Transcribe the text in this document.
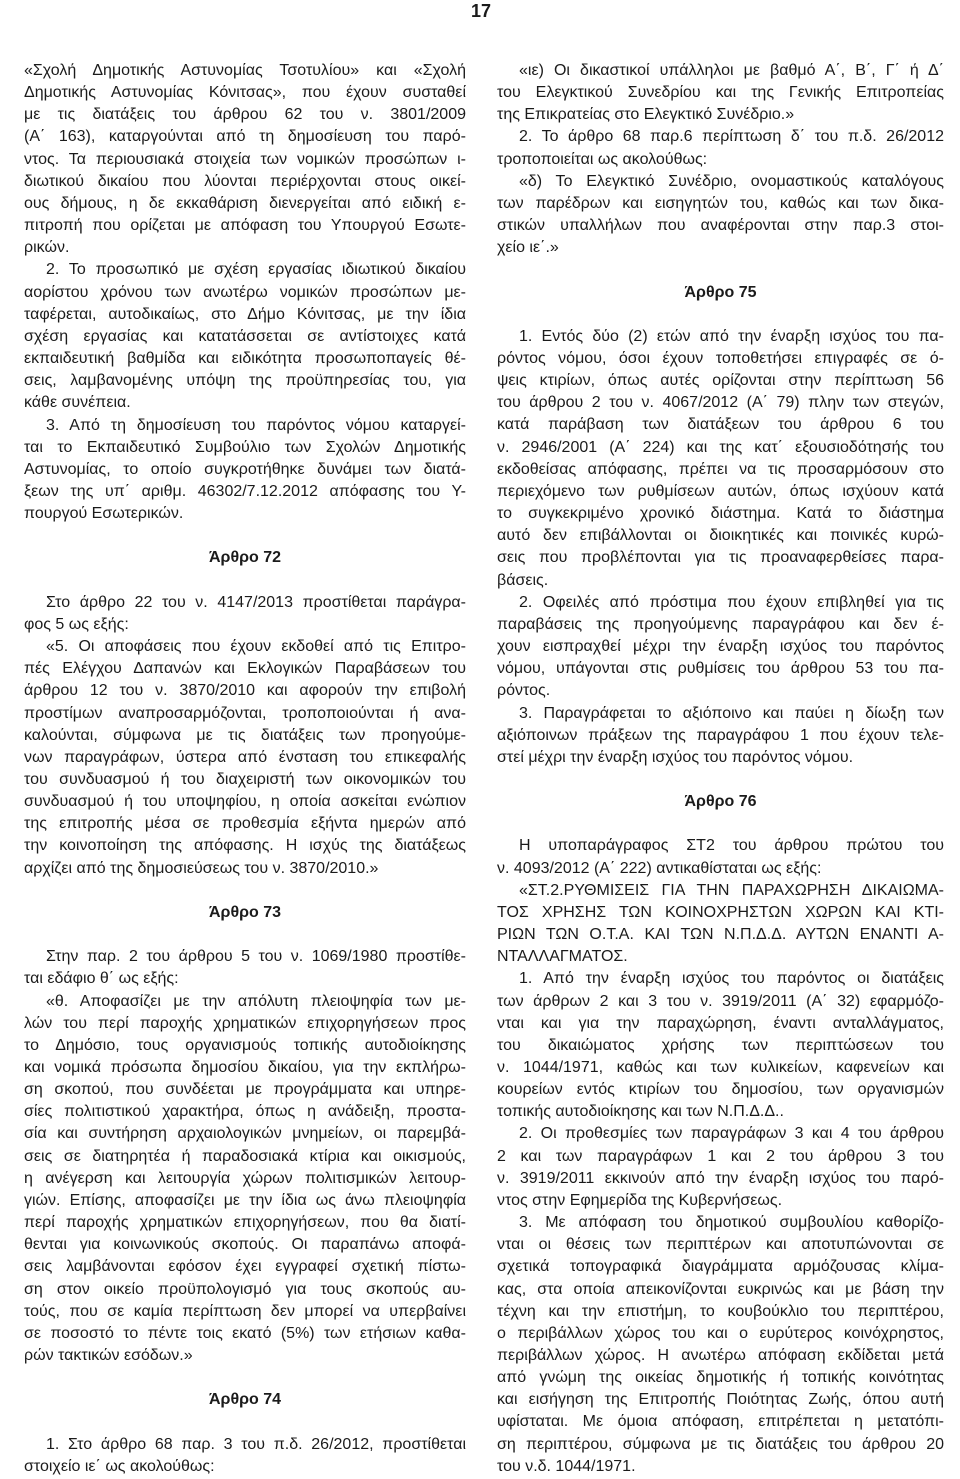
17
«Σχολή Δημοτικής Αστυνομίας Τσοτυλίου» και «Σχολή
Δημοτικής Αστυνομίας Κόνιτσας», που έχουν συσταθεί
με τις διατάξεις του άρθρου 62 του ν. 3801/2009
(Α΄ 163), καταργούνται από τη δημοσίευση του παρό-
ντος. Τα περιουσιακά στοιχεία των νομικών προσώπων ι-
διωτικού δικαίου που λύονται περιέρχονται στους οικεί-
ους δήμους, η δε εκκαθάριση διενεργείται από ειδική ε-
πιτροπή που ορίζεται με απόφαση του Υπουργού Εσωτε-
ρικών.
2. Το προσωπικό με σχέση εργασίας ιδιωτικού δικαίου
αορίστου χρόνου των ανωτέρω νομικών προσώπων με-
ταφέρεται, αυτοδικαίως, στο Δήμο Κόνιτσας, με την ίδια
σχέση εργασίας και κατατάσσεται σε αντίστοιχες κατά
εκπαιδευτική βαθμίδα και ειδικότητα προσωποπαγείς θέ-
σεις, λαμβανομένης υπόψη της προϋπηρεσίας του, για
κάθε συνέπεια.
3. Από τη δημοσίευση του παρόντος νόμου καταργεί-
ται το Εκπαιδευτικό Συμβούλιο των Σχολών Δημοτικής
Αστυνομίας, το οποίο συγκροτήθηκε δυνάμει των διατά-
ξεων της υπ΄ αριθμ. 46302/7.12.2012 απόφασης του Υ-
πουργού Εσωτερικών.
Άρθρο 72
Στο άρθρο 22 του ν. 4147/2013 προστίθεται παράγρα-
φος 5 ως εξής:
«5. Οι αποφάσεις που έχουν εκδοθεί από τις Επιτρο-
πές Ελέγχου Δαπανών και Εκλογικών Παραβάσεων του
άρθρου 12 του ν. 3870/2010 και αφορούν την επιβολή
προστίμων αναπροσαρμόζονται, τροποποιούνται ή ανα-
καλούνται, σύμφωνα με τις διατάξεις των προηγούμε-
νων παραγράφων, ύστερα από ένσταση του επικεφαλής
του συνδυασμού ή του διαχειριστή των οικονομικών του
συνδυασμού ή του υποψηφίου, η οποία ασκείται ενώπιον
της επιτροπής μέσα σε προθεσμία εξήντα ημερών από
την κοινοποίηση της απόφασης. Η ισχύς της διατάξεως
αρχίζει από της δημοσιεύσεως του ν. 3870/2010.»
Άρθρο 73
Στην παρ. 2 του άρθρου 5 του ν. 1069/1980 προστίθε-
ται εδάφιο θ΄ ως εξής:
«θ. Αποφασίζει με την απόλυτη πλειοψηφία των με-
λών του περί παροχής χρηματικών επιχορηγήσεων προς
το Δημόσιο, τους οργανισμούς τοπικής αυτοδιοίκησης
και νομικά πρόσωπα δημοσίου δικαίου, για την εκπλήρω-
ση σκοπού, που συνδέεται με προγράμματα και υπηρε-
σίες πολιτιστικού χαρακτήρα, όπως η ανάδειξη, προστα-
σία και συντήρηση αρχαιολογικών μνημείων, οι παρεμβά-
σεις σε διατηρητέα ή παραδοσιακά κτίρια και οικισμούς,
η ανέγερση και λειτουργία χώρων πολιτισμικών λειτουρ-
γιών. Επίσης, αποφασίζει με την ίδια ως άνω πλειοψηφία
περί παροχής χρηματικών επιχορηγήσεων, που θα διατί-
θενται για κοινωνικούς σκοπούς. Οι παραπάνω αποφά-
σεις λαμβάνονται εφόσον έχει εγγραφεί σχετική πίστω-
ση στον οικείο προϋπολογισμό για τους σκοπούς αυ-
τούς, που σε καμία περίπτωση δεν μπορεί να υπερβαίνει
σε ποσοστό το πέντε τοις εκατό (5%) των ετήσιων καθα-
ρών τακτικών εσόδων.»
Άρθρο 74
1. Στο άρθρο 68 παρ. 3 του π.δ. 26/2012, προστίθεται
στοιχείο ιε΄ ως ακολούθως:
«ιε) Οι δικαστικοί υπάλληλοι με βαθμό Α΄, Β΄, Γ΄ ή Δ΄
του Ελεγκτικού Συνεδρίου και της Γενικής Επιτροπείας
της Επικρατείας στο Ελεγκτικό Συνέδριο.»
2. Το άρθρο 68 παρ.6 περίπτωση δ΄ του π.δ. 26/2012
τροποποιείται ως ακολούθως:
«δ) Το Ελεγκτικό Συνέδριο, ονομαστικούς καταλόγους
των παρέδρων και εισηγητών του, καθώς και των δικα-
στικών υπαλλήλων που αναφέρονται στην παρ.3 στοι-
χείο ιε΄.»
Άρθρο 75
1. Εντός δύο (2) ετών από την έναρξη ισχύος του πα-
ρόντος νόμου, όσοι έχουν τοποθετήσει επιγραφές σε ό-
ψεις κτιρίων, όπως αυτές ορίζονται στην περίπτωση 56
του άρθρου 2 του ν. 4067/2012 (Α΄ 79) πλην των στεγών,
κατά παράβαση των διατάξεων του άρθρου 6 του
ν. 2946/2001 (Α΄ 224) και της κατ΄ εξουσιοδότησής του
εκδοθείσας απόφασης, πρέπει να τις προσαρμόσουν στο
περιεχόμενο των ρυθμίσεων αυτών, όπως ισχύουν κατά
το συγκεκριμένο χρονικό διάστημα. Κατά το διάστημα
αυτό δεν επιβάλλονται οι διοικητικές και ποινικές κυρώ-
σεις που προβλέπονται για τις προαναφερθείσες παρα-
βάσεις.
2. Οφειλές από πρόστιμα που έχουν επιβληθεί για τις
παραβάσεις της προηγούμενης παραγράφου και δεν έ-
χουν εισπραχθεί μέχρι την έναρξη ισχύος του παρόντος
νόμου, υπάγονται στις ρυθμίσεις του άρθρου 53 του πα-
ρόντος.
3. Παραγράφεται το αξιόποινο και παύει η δίωξη των
αξιόποινων πράξεων της παραγράφου 1 που έχουν τελε-
στεί μέχρι την έναρξη ισχύος του παρόντος νόμου.
Άρθρο 76
Η υποπαράγραφος ΣΤ2 του άρθρου πρώτου του
ν. 4093/2012 (Α΄ 222) αντικαθίσταται ως εξής:
«ΣΤ.2.ΡΥΘΜΙΣΕΙΣ ΓΙΑ ΤΗΝ ΠΑΡΑΧΩΡΗΣΗ ΔΙΚΑΙΩΜΑ-
ΤΟΣ ΧΡΗΣΗΣ ΤΩΝ ΚΟΙΝΟΧΡΗΣΤΩΝ ΧΩΡΩΝ ΚΑΙ ΚΤΙ-
ΡΙΩΝ ΤΩΝ Ο.Τ.Α. ΚΑΙ ΤΩΝ Ν.Π.Δ.Δ. ΑΥΤΩΝ ΕΝΑΝΤΙ Α-
ΝΤΑΛΛΑΓΜΑΤΟΣ.
1. Από την έναρξη ισχύος του παρόντος οι διατάξεις
των άρθρων 2 και 3 του ν. 3919/2011 (Α΄ 32) εφαρμόζο-
νται και για την παραχώρηση, έναντι ανταλλάγματος,
του δικαιώματος χρήσης των περιπτώσεων του
ν. 1044/1971, καθώς και των κυλικείων, καφενείων και
κουρείων εντός κτιρίων του δημοσίου, των οργανισμών
τοπικής αυτοδιοίκησης και των Ν.Π.Δ.Δ..
2. Οι προθεσμίες των παραγράφων 3 και 4 του άρθρου
2 και των παραγράφων 1 και 2 του άρθρου 3 του
ν. 3919/2011 εκκινούν από την έναρξη ισχύος του παρό-
ντος στην Εφημερίδα της Κυβερνήσεως.
3. Με απόφαση του δημοτικού συμβουλίου καθορίζο-
νται οι θέσεις των περιπτέρων και αποτυπώνονται σε
σχετικά τοπογραφικά διαγράμματα αρμόζουσας κλίμα-
κας, στα οποία απεικονίζονται ευκρινώς και με βάση την
τέχνη και την επιστήμη, το κουβούκλιο του περιπτέρου,
ο περιβάλλων χώρος του και ο ευρύτερος κοινόχρηστος,
περιβάλλων χώρος. Η ανωτέρω απόφαση εκδίδεται μετά
από γνώμη της οικείας δημοτικής ή τοπικής κοινότητας
και εισήγηση της Επιτροπής Ποιότητας Ζωής, όπου αυτή
υφίσταται. Με όμοια απόφαση, επιτρέπεται η μετατόπι-
ση περιπτέρου, σύμφωνα με τις διατάξεις του άρθρου 20
του ν.δ. 1044/1971.
